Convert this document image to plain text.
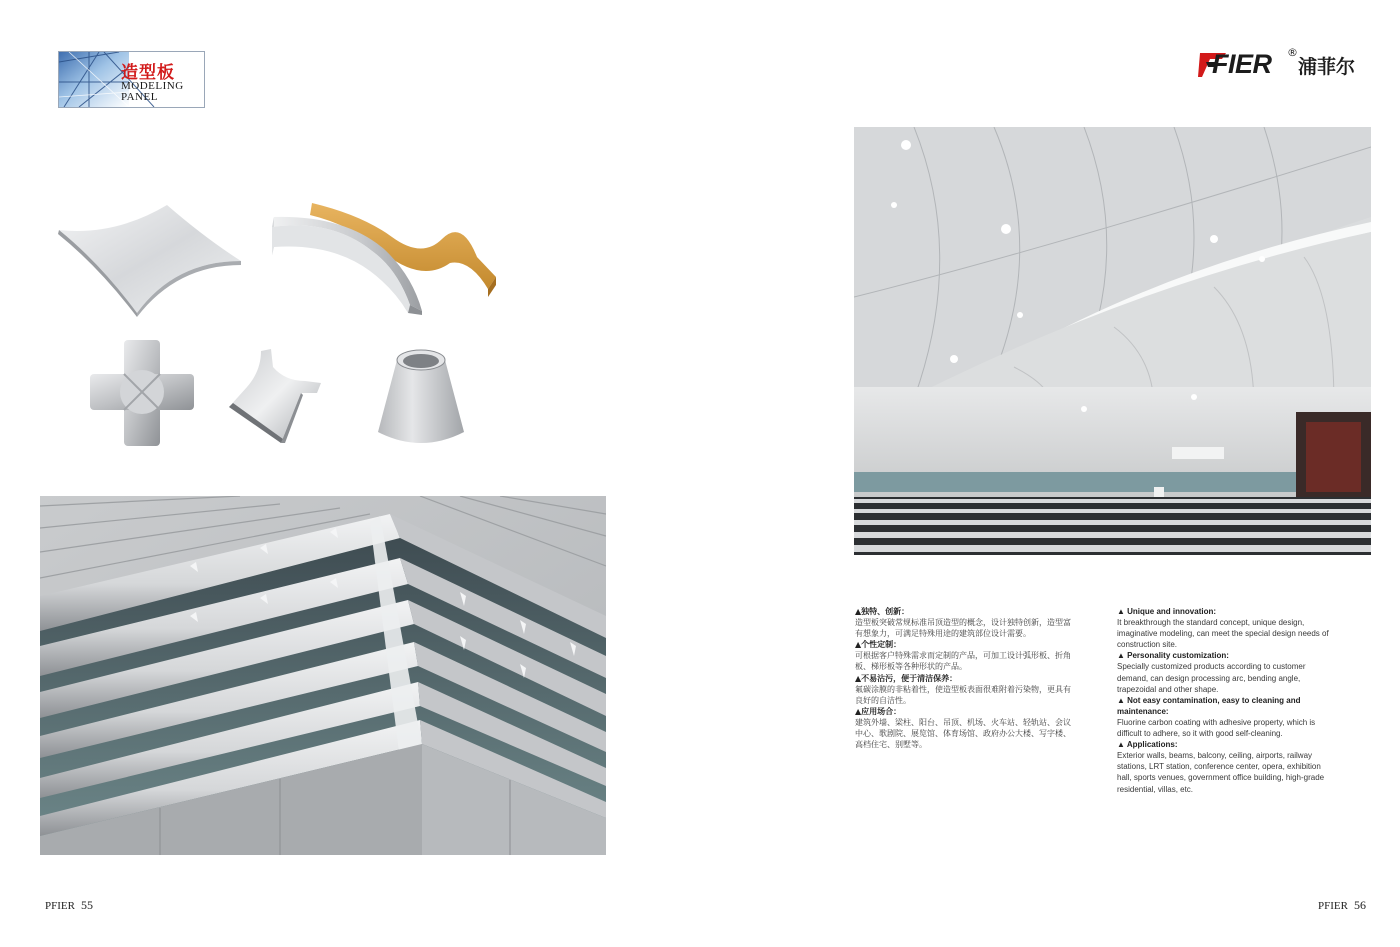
造型板
MODELING
PANEL
FIER ®
浦菲尔
▲独特、创新：
造型板突破常规标准吊顶造型的概念，设计独特创新，造型富有想象力，可满足特殊用途的建筑部位设计需要。
▲个性定制：
可根据客户特殊需求而定制的产品，可加工设计弧形板、折角板、梯形板等各种形状的产品。
▲不易沾污，便于清洁保养：
氟碳涂膜的非粘着性，使造型板表面很难附着污染物，更具有良好的自洁性。
▲应用场合：
建筑外墙、梁柱、阳台、吊顶、机场、火车站、轻轨站、会议中心、歌剧院、展览馆、体育场馆、政府办公大楼、写字楼、高档住宅、别墅等。
▲ Unique and innovation:
It breakthrough the standard concept, unique design, imaginative modeling, can meet the special design needs of construction site.
▲ Personality customization:
Specially customized products according to customer demand, can design processing arc, bending angle, trapezoidal and other shape.
▲ Not easy contamination, easy to cleaning and maintenance:
Fluorine carbon coating with adhesive property, which is difficult to adhere, so it with good self-cleaning.
▲ Applications:
Exterior walls, beams, balcony, ceiling, airports, railway stations, LRT station, conference center, opera, exhibition hall, sports venues, government office building, high-grade residential, villas, etc.
PFIER 55	PFIER 56
